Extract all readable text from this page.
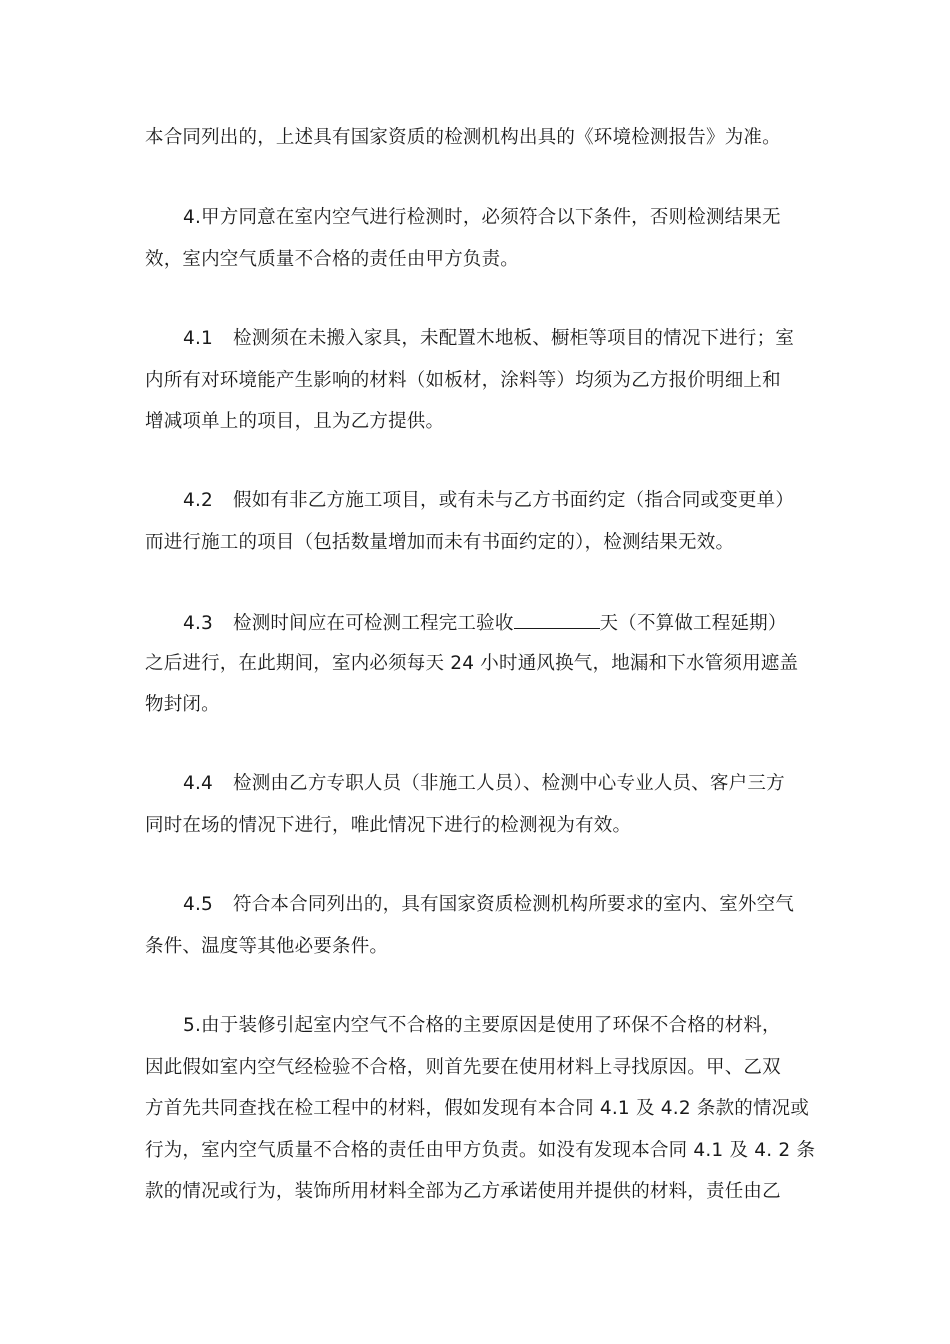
本合同列出的，上述具有国家资质的检测机构出具的《环境检测报告》为准。
4.甲方同意在室内空气进行检测时，必须符合以下条件，否则检测结果无
效，室内空气质量不合格的责任由甲方负责。
4.1 检测须在未搬入家具，未配置木地板、橱柜等项目的情况下进行；室
内所有对环境能产生影响的材料（如板材，涂料等）均须为乙方报价明细上和
增减项单上的项目，且为乙方提供。
4.2 假如有非乙方施工项目，或有未与乙方书面约定（指合同或变更单）
而进行施工的项目（包括数量增加而未有书面约定的），检测结果无效。
4.3 检测时间应在可检测工程完工验收	天（不算做工程延期）
之后进行，在此期间，室内必须每天 24 小时通风换气，地漏和下水管须用遮盖
物封闭。
4.4 检测由乙方专职人员（非施工人员）、检测中心专业人员、客户三方
同时在场的情况下进行，唯此情况下进行的检测视为有效。
4.5 符合本合同列出的，具有国家资质检测机构所要求的室内、室外空气
条件、温度等其他必要条件。
5.由于装修引起室内空气不合格的主要原因是使用了环保不合格的材料，
因此假如室内空气经检验不合格，则首先要在使用材料上寻找原因。甲、乙双
方首先共同查找在检工程中的材料，假如发现有本合同 4.1 及 4.2 条款的情况或
行为，室内空气质量不合格的责任由甲方负责。如没有发现本合同 4.1 及 4. 2 条
款的情况或行为，装饰所用材料全部为乙方承诺使用并提供的材料，责任由乙
